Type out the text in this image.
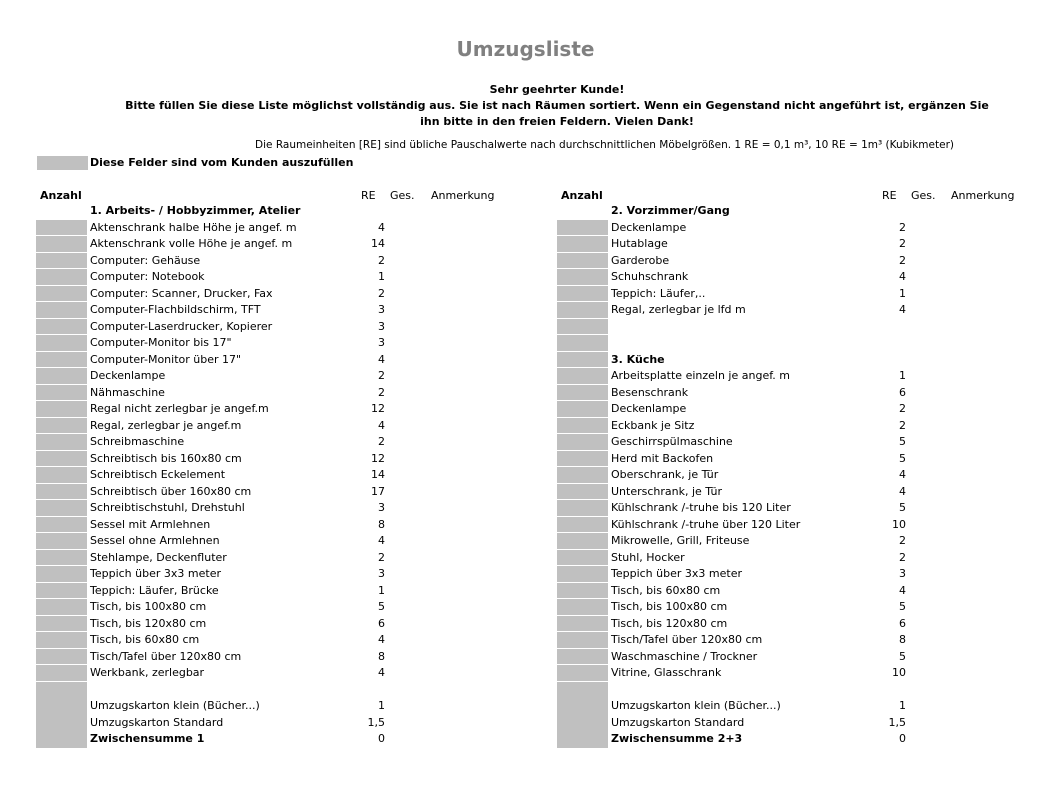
Umzugsliste
Sehr geehrter Kunde!
Bitte füllen Sie diese Liste möglichst vollständig aus. Sie ist nach Räumen sortiert. Wenn ein Gegenstand nicht angeführt ist, ergänzen Sie
ihn bitte in den freien Feldern. Vielen Dank!
Die Raumeinheiten [RE] sind übliche Pauschalwerte nach durchschnittlichen Möbelgrößen. 1 RE = 0,1 m³, 10 RE = 1m³ (Kubikmeter)
Diese Felder sind vom Kunden auszufüllen
Anzahl	RE Ges. Anmerkung	Anzahl	RE Ges. Anmerkung
1. Arbeits- / Hobbyzimmer, Atelier
Aktenschrank halbe Höhe je angef. m	4
Aktenschrank volle Höhe je angef. m	14
Computer: Gehäuse	2
Computer: Notebook	1
Computer: Scanner, Drucker, Fax	2
Computer-Flachbildschirm, TFT	3
Computer-Laserdrucker, Kopierer	3
Computer-Monitor bis 17"	3
Computer-Monitor über 17"	4
Deckenlampe	2
Nähmaschine	2
Regal nicht zerlegbar je angef.m	12
Regal, zerlegbar je angef.m	4
Schreibmaschine	2
Schreibtisch bis 160x80 cm	12
Schreibtisch Eckelement	14
Schreibtisch über 160x80 cm	17
Schreibtischstuhl, Drehstuhl	3
Sessel mit Armlehnen	8
Sessel ohne Armlehnen	4
Stehlampe, Deckenfluter	2
Teppich über 3x3 meter	3
Teppich: Läufer, Brücke	1
Tisch, bis 100x80 cm	5
Tisch, bis 120x80 cm	6
Tisch, bis 60x80 cm	4
Tisch/Tafel über 120x80 cm	8
Werkbank, zerlegbar	4
Umzugskarton klein (Bücher...)	1
Umzugskarton Standard	1,5
Zwischensumme 1	0
2. Vorzimmer/Gang
Deckenlampe	2
Hutablage	2
Garderobe	2
Schuhschrank	4
Teppich: Läufer,..	1
Regal, zerlegbar je lfd m	4
3. Küche
Arbeitsplatte einzeln je angef. m	1
Besenschrank	6
Deckenlampe	2
Eckbank je Sitz	2
Geschirrspülmaschine	5
Herd mit Backofen	5
Oberschrank, je Tür	4
Unterschrank, je Tür	4
Kühlschrank /-truhe bis 120 Liter	5
Kühlschrank /-truhe über 120 Liter	10
Mikrowelle, Grill, Friteuse	2
Stuhl, Hocker	2
Teppich über 3x3 meter	3
Tisch, bis 60x80 cm	4
Tisch, bis 100x80 cm	5
Tisch, bis 120x80 cm	6
Tisch/Tafel über 120x80 cm	8
Waschmaschine / Trockner	5
Vitrine, Glasschrank	10
Umzugskarton klein (Bücher...)	1
Umzugskarton Standard	1,5
Zwischensumme 2+3	0
